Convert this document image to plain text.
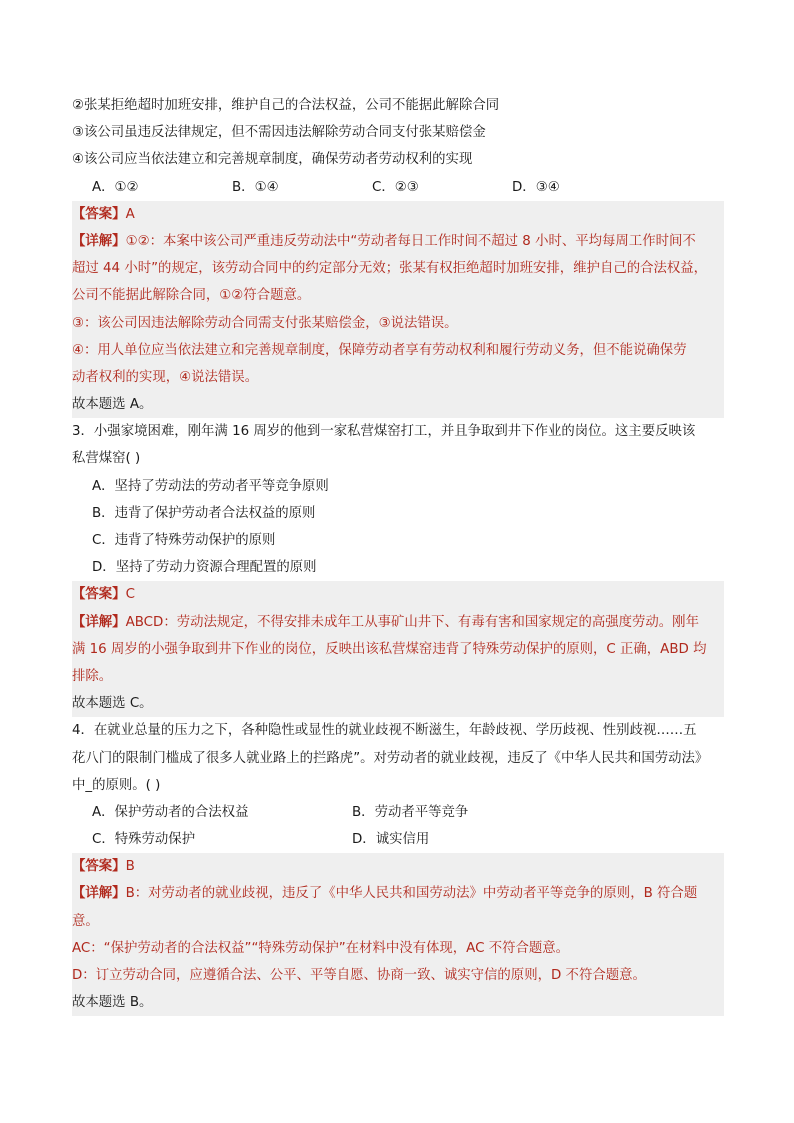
②张某拒绝超时加班安排，维护自己的合法权益，公司不能据此解除合同
③该公司虽违反法律规定，但不需因违法解除劳动合同支付张某赔偿金
④该公司应当依法建立和完善规章制度，确保劳动者劳动权利的实现
A．①②	B．①④	C．②③	D．③④
【答案】A
【详解】①②：本案中该公司严重违反劳动法中“劳动者每日工作时间不超过 8 小时、平均每周工作时间不
超过 44 小时”的规定，该劳动合同中的约定部分无效；张某有权拒绝超时加班安排，维护自己的合法权益，
公司不能据此解除合同，①②符合题意。
③：该公司因违法解除劳动合同需支付张某赔偿金，③说法错误。
④：用人单位应当依法建立和完善规章制度，保障劳动者享有劳动权利和履行劳动义务，但不能说确保劳
动者权利的实现，④说法错误。
故本题选 A。
3．小强家境困难，刚年满 16 周岁的他到一家私营煤窑打工，并且争取到井下作业的岗位。这主要反映该
私营煤窑( )
A．坚持了劳动法的劳动者平等竞争原则
B．违背了保护劳动者合法权益的原则
C．违背了特殊劳动保护的原则
D．坚持了劳动力资源合理配置的原则
【答案】C
【详解】ABCD：劳动法规定，不得安排未成年工从事矿山井下、有毒有害和国家规定的高强度劳动。刚年
满 16 周岁的小强争取到井下作业的岗位，反映出该私营煤窑违背了特殊劳动保护的原则，C 正确，ABD 均
排除。
故本题选 C。
4．在就业总量的压力之下，各种隐性或显性的就业歧视不断滋生，年龄歧视、学历歧视、性别歧视……五
花八门的限制门槛成了很多人就业路上的拦路虎”。对劳动者的就业歧视，违反了《中华人民共和国劳动法》
中_的原则。( )
A．保护劳动者的合法权益	B．劳动者平等竞争
C．特殊劳动保护	D．诚实信用
【答案】B
【详解】B：对劳动者的就业歧视，违反了《中华人民共和国劳动法》中劳动者平等竞争的原则，B 符合题
意。
AC：“保护劳动者的合法权益”“特殊劳动保护”在材料中没有体现，AC 不符合题意。
D：订立劳动合同，应遵循合法、公平、平等自愿、协商一致、诚实守信的原则，D 不符合题意。
故本题选 B。
